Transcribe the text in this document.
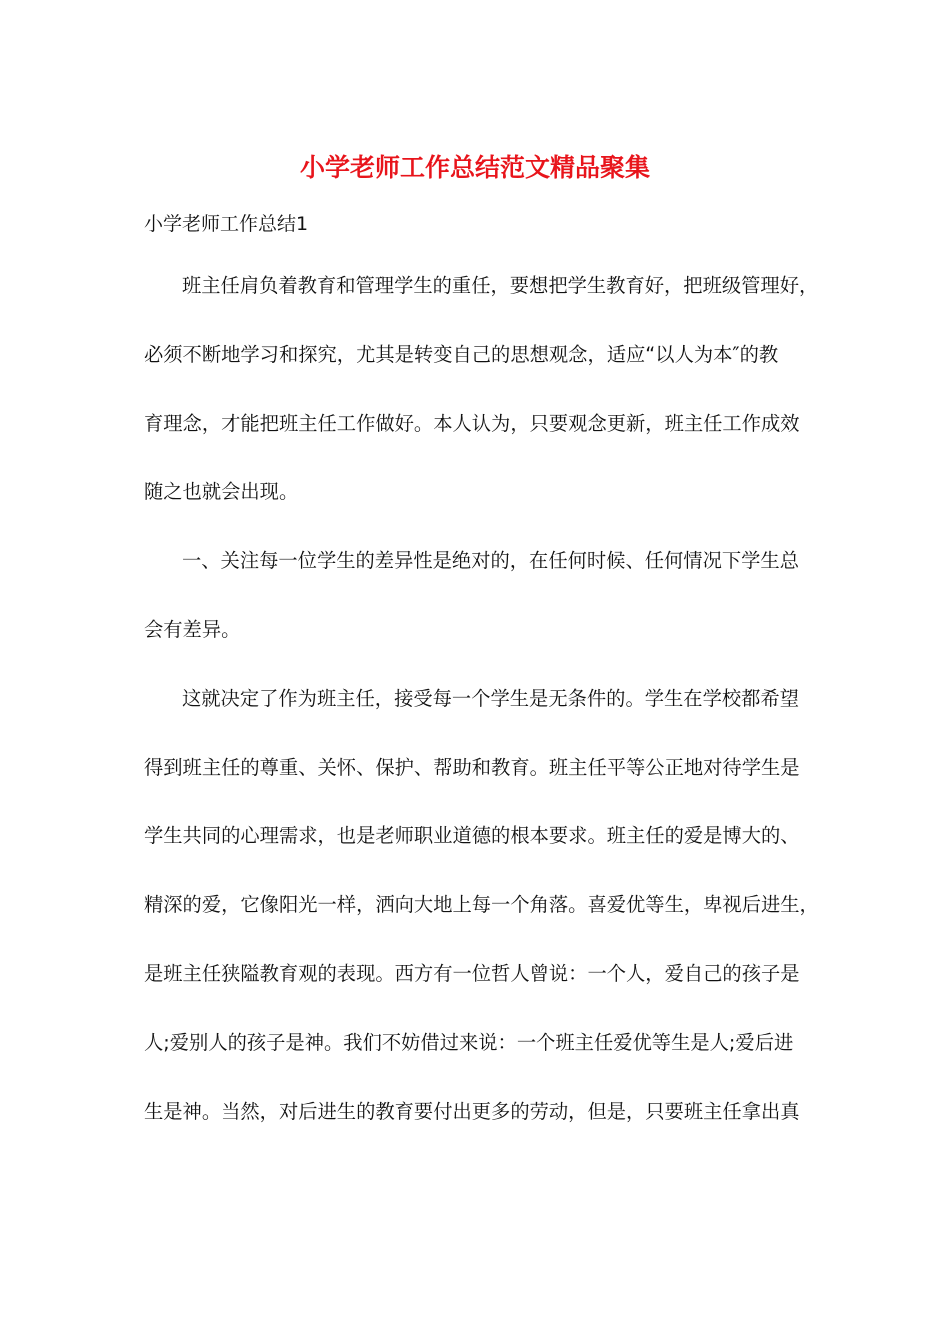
小学老师工作总结范文精品聚集
小学老师工作总结1
班主任肩负着教育和管理学生的重任，要想把学生教育好，把班级管理好，
必须不断地学习和探究，尤其是转变自己的思想观念，适应“以人为本″的教
育理念，才能把班主任工作做好。本人认为，只要观念更新，班主任工作成效
随之也就会出现。
一、关注每一位学生的差异性是绝对的，在任何时候、任何情况下学生总
会有差异。
这就决定了作为班主任，接受每一个学生是无条件的。学生在学校都希望
得到班主任的尊重、关怀、保护、帮助和教育。班主任平等公正地对待学生是
学生共同的心理需求，也是老师职业道德的根本要求。班主任的爱是博大的、
精深的爱，它像阳光一样，洒向大地上每一个角落。喜爱优等生，卑视后进生，
是班主任狭隘教育观的表现。西方有一位哲人曾说：一个人，爱自己的孩子是
人;爱别人的孩子是神。我们不妨借过来说：一个班主任爱优等生是人;爱后进
生是神。当然，对后进生的教育要付出更多的劳动，但是，只要班主任拿出真
